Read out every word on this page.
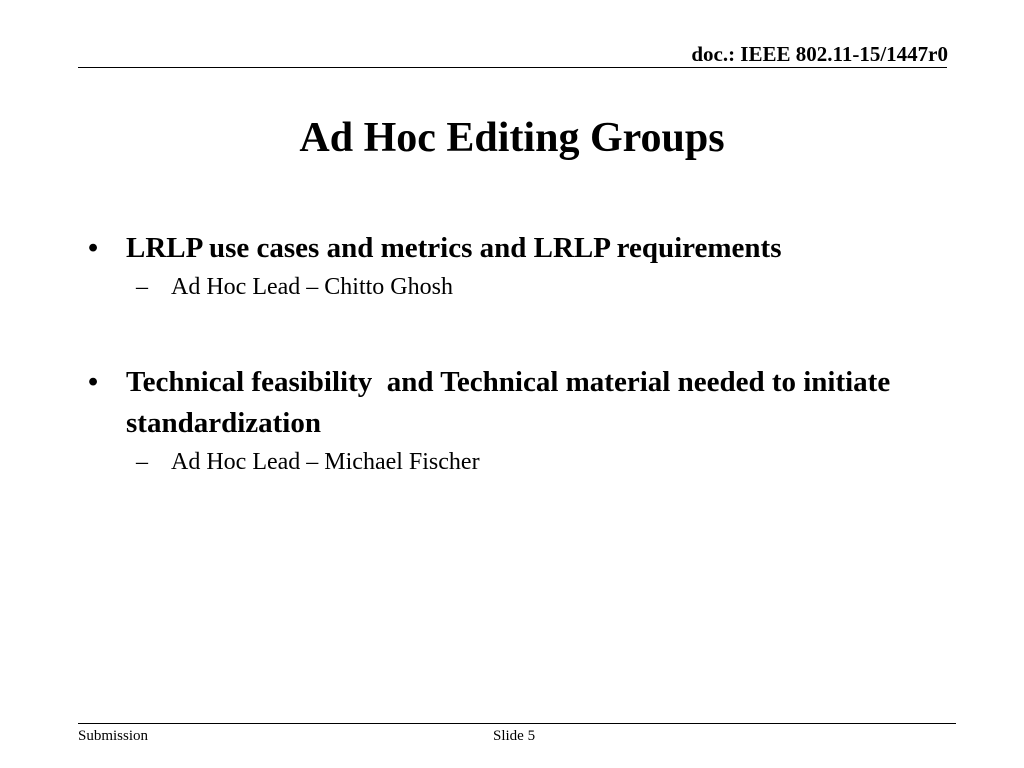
doc.: IEEE 802.11-15/1447r0
Ad Hoc Editing Groups
• LRLP use cases and metrics and LRLP requirements
– Ad Hoc Lead – Chitto Ghosh
• Technical feasibility  and Technical material needed to initiate standardization
– Ad Hoc Lead – Michael Fischer
Submission	Slide 5
